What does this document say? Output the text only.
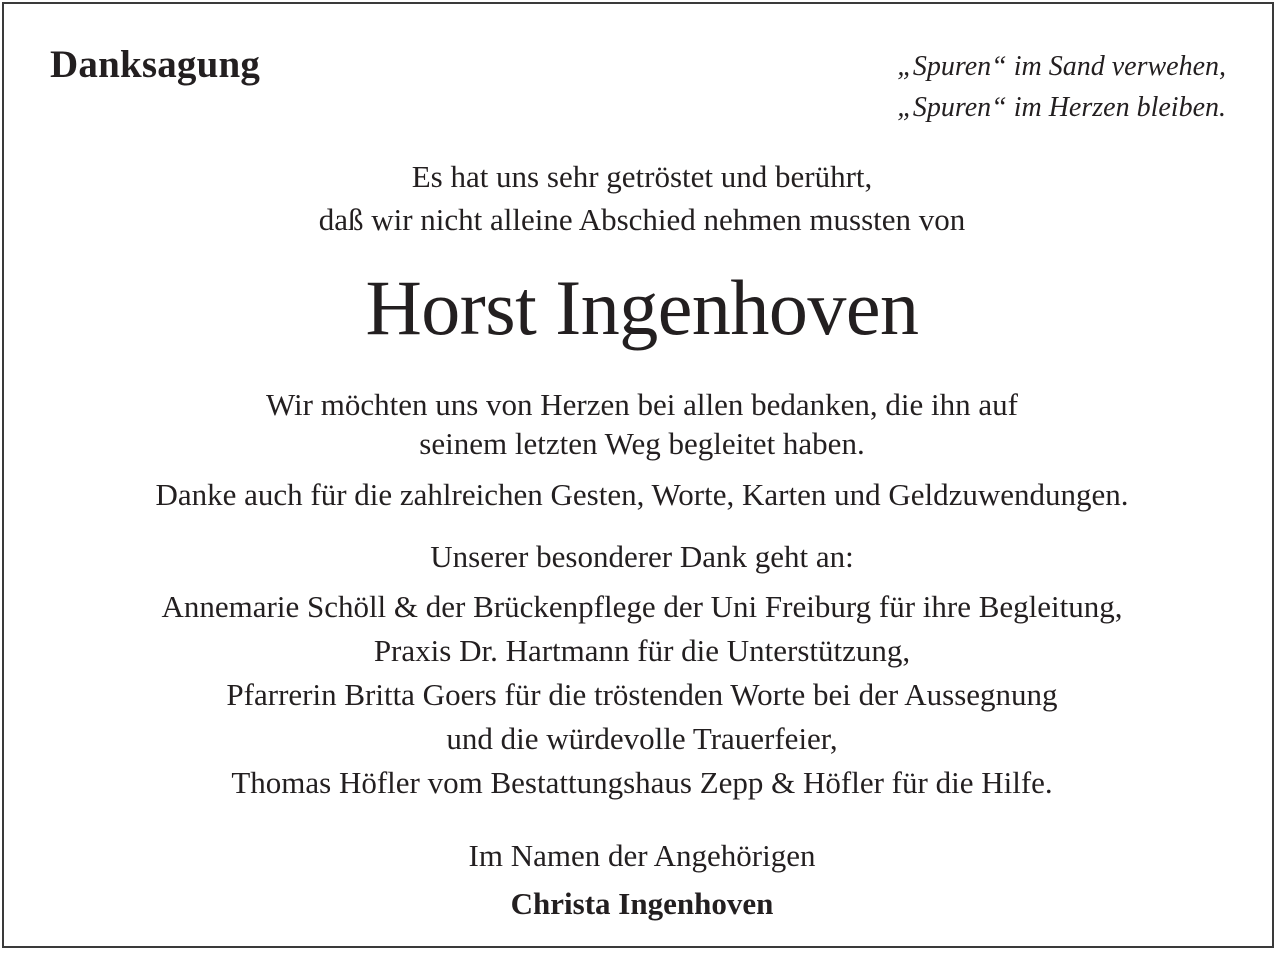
Danksagung	„Spuren“ im Sand verwehen,
„Spuren“ im Herzen bleiben.
Es hat uns sehr getröstet und berührt,
daß wir nicht alleine Abschied nehmen mussten von
Horst Ingenhoven
Wir möchten uns von Herzen bei allen bedanken, die ihn auf
seinem letzten Weg begleitet haben.
Danke auch für die zahlreichen Gesten, Worte, Karten und Geldzuwendungen.
Unserer besonderer Dank geht an:
Annemarie Schöll & der Brückenpflege der Uni Freiburg für ihre Begleitung,
Praxis Dr. Hartmann für die Unterstützung,
Pfarrerin Britta Goers für die tröstenden Worte bei der Aussegnung
und die würdevolle Trauerfeier,
Thomas Höfler vom Bestattungshaus Zepp & Höfler für die Hilfe.
Im Namen der Angehörigen
Christa Ingenhoven
